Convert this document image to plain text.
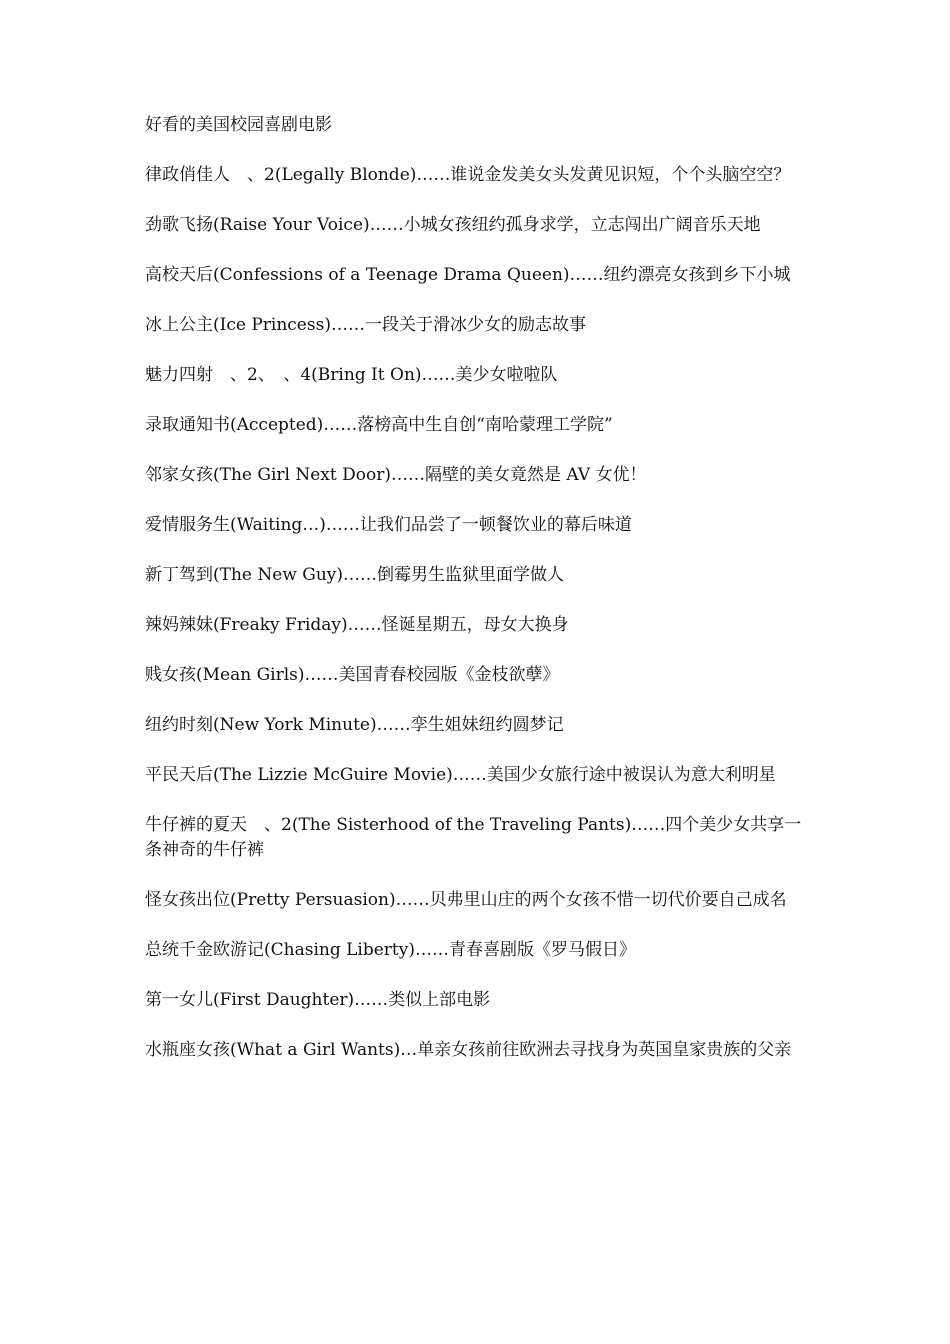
好看的美国校园喜剧电影

律政俏佳人　、2(Legally Blonde)……谁说金发美女头发黄见识短，个个头脑空空？
劲歌飞扬(Raise Your Voice)……小城女孩纽约孤身求学，立志闯出广阔音乐天地
高校天后(Confessions of a Teenage Drama Queen)……纽约漂亮女孩到乡下小城
冰上公主(Ice Princess)……一段关于滑冰少女的励志故事
魅力四射　、2、　、4(Bring It On)……美少女啦啦队
录取通知书(Accepted)……落榜高中生自创“南哈蒙理工学院”
邻家女孩(The Girl Next Door)……隔壁的美女竟然是 AV 女优！
爱情服务生(Waiting…)……让我们品尝了一顿餐饮业的幕后味道
新丁驾到(The New Guy)……倒霉男生监狱里面学做人
辣妈辣妹(Freaky Friday)……怪诞星期五，母女大换身
贱女孩(Mean Girls)……美国青春校园版《金枝欲孽》
纽约时刻(New York Minute)……孪生姐妹纽约圆梦记
平民天后(The Lizzie McGuire Movie)……美国少女旅行途中被误认为意大利明星
牛仔裤的夏天　、2(The Sisterhood of the Traveling Pants)……四个美少女共享一条神奇的牛仔裤
怪女孩出位(Pretty Persuasion)……贝弗里山庄的两个女孩不惜一切代价要自己成名
总统千金欧游记(Chasing Liberty)……青春喜剧版《罗马假日》
第一女儿(First Daughter)……类似上部电影
水瓶座女孩(What a Girl Wants)…单亲女孩前往欧洲去寻找身为英国皇家贵族的父亲
